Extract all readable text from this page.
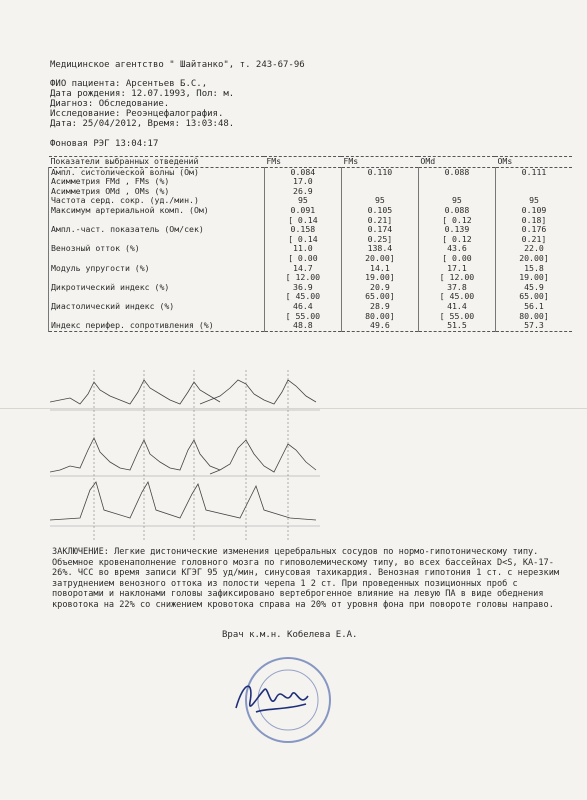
Медицинское агентство " Шайтанко", т. 243-67-96
ФИО пациента: Арсентьев Б.С.,
Дата рождения: 12.07.1993, Пол: м.
Диагноз: Обследование.
Исследование: Реоэнцефалография.
Дата: 25/04/2012, Время: 13:03:48.
Фоновая РЭГ 13:04:17
Показатели выбранных отведений	FMs	FMs	OMd	OMs
Ампл. систолической волны (Ом)	0.084	0.110	0.088	0.111
Асимметрия FMd , FMs (%)	17.0			
Асимметрия OMd , OMs (%)	26.9			
Частота серд. сокр. (уд./мин.)	95	95	95	95
Максимум артериальной комп. (Ом)	0.091	0.105	0.088	0.109
	[ 0.14	0.21]	[ 0.12	0.18]
Ампл.-част. показатель (Ом/сек)	0.158	0.174	0.139	0.176
	[ 0.14	0.25]	[ 0.12	0.21]
Венозный отток (%)	11.0	138.4	43.6	22.0
	[ 0.00	20.00]	[ 0.00	20.00]
Модуль упругости (%)	14.7	14.1	17.1	15.8
	[ 12.00	19.00]	[ 12.00	19.00]
Дикротический индекс (%)	36.9	20.9	37.8	45.9
	[ 45.00	65.00]	[ 45.00	65.00]
Диастолический индекс (%)	46.4	28.9	41.4	56.1
	[ 55.00	80.00]	[ 55.00	80.00]
Индекс перифер. сопротивления (%)	48.8	49.6	51.5	57.3
ЗАКЛЮЧЕНИЕ: Легкие дистонические изменения церебральных сосудов по нормо-гипотоническому типу. Объемное кровенаполнение головного мозга по гиповолемическому типу, во всех бассейнах D<S, КА-17-26%. ЧСС во время записи КГЭГ 95 уд/мин, синусовая тахикардия. Венозная гипотония 1 ст. с нерезким затруднением венозного оттока из полости черепа 1 2 ст. При проведенных позиционных проб с поворотами и наклонами головы зафиксировано вертеброгенное влияние на левую ПА в виде обеднения кровотока на 22% со снижением кровотока справа на 20% от уровня фона при повороте головы направо.
Врач к.м.н. Кобелева Е.А.
